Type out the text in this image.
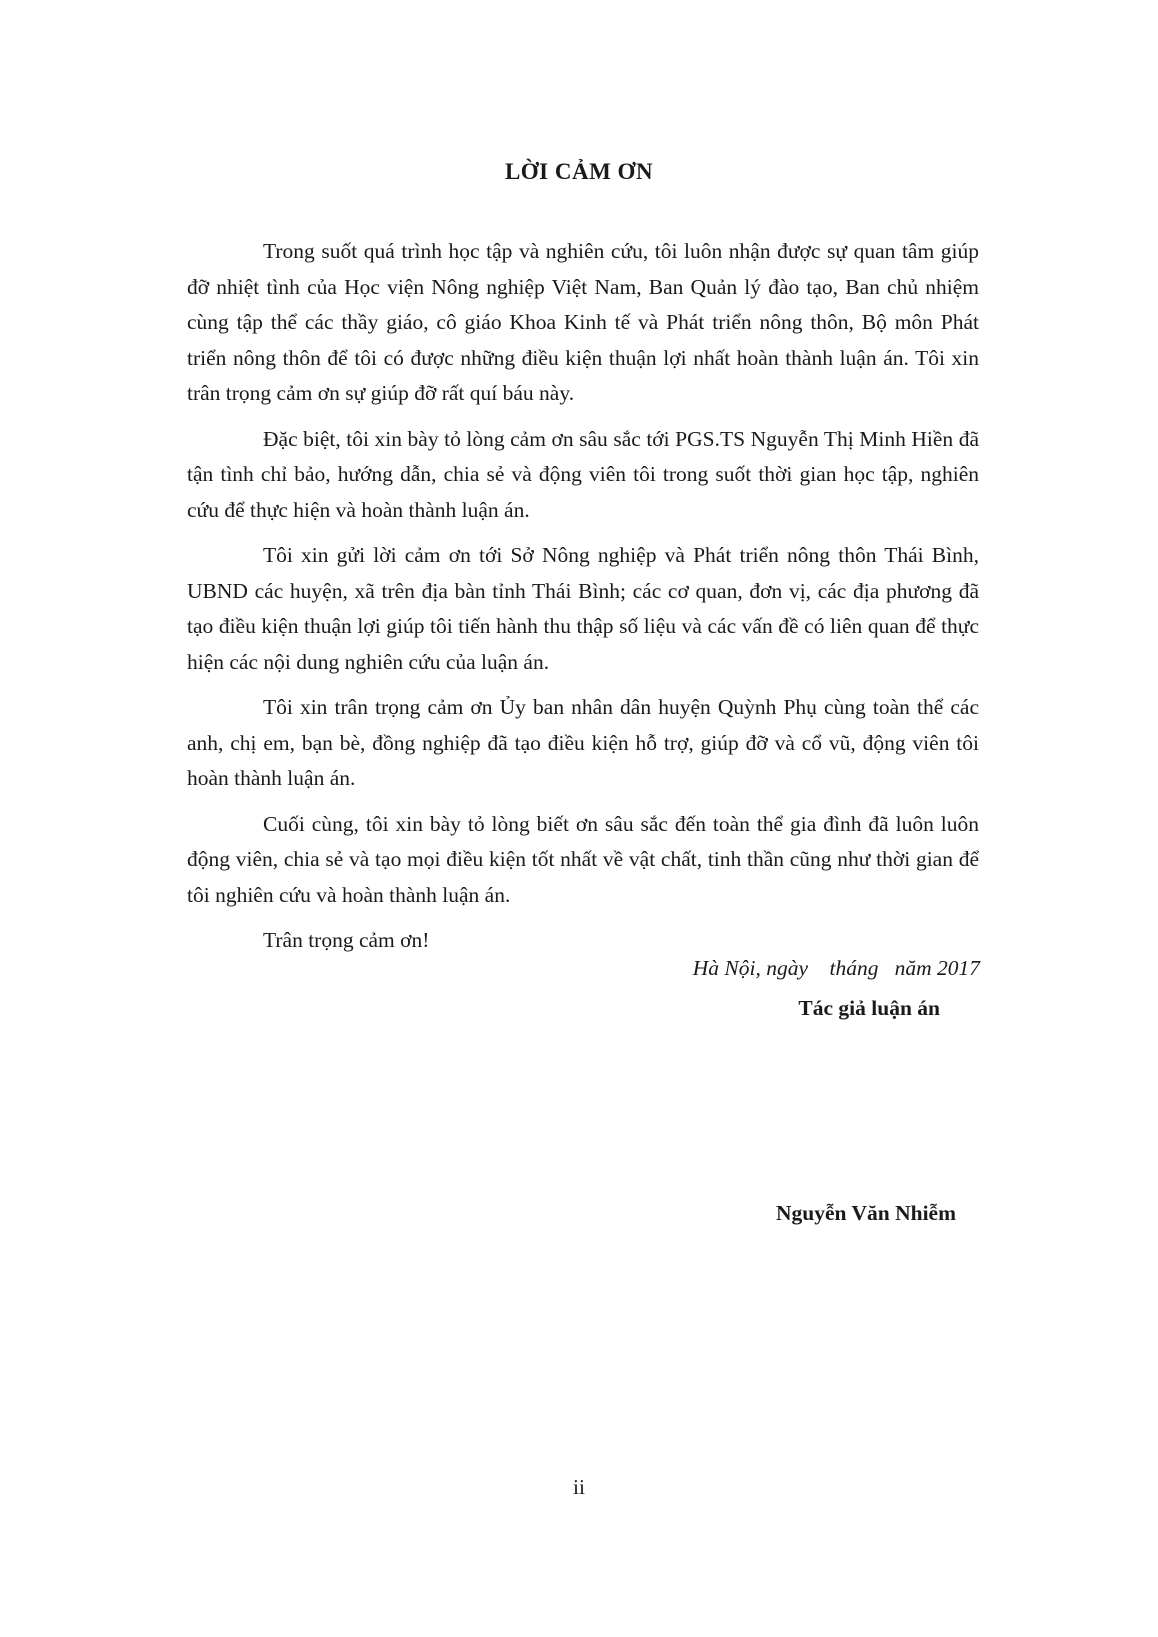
LỜI CẢM ƠN

Trong suốt quá trình học tập và nghiên cứu, tôi luôn nhận được sự quan tâm giúp đỡ nhiệt tình của Học viện Nông nghiệp Việt Nam, Ban Quản lý đào tạo, Ban chủ nhiệm cùng tập thể các thầy giáo, cô giáo Khoa Kinh tế và Phát triển nông thôn, Bộ môn Phát triển nông thôn để tôi có được những điều kiện thuận lợi nhất hoàn thành luận án. Tôi xin trân trọng cảm ơn sự giúp đỡ rất quí báu này.

Đặc biệt, tôi xin bày tỏ lòng cảm ơn sâu sắc tới PGS.TS Nguyễn Thị Minh Hiền đã tận tình chỉ bảo, hướng dẫn, chia sẻ và động viên tôi trong suốt thời gian học tập, nghiên cứu để thực hiện và hoàn thành luận án.

Tôi xin gửi lời cảm ơn tới Sở Nông nghiệp và Phát triển nông thôn Thái Bình, UBND các huyện, xã trên địa bàn tỉnh Thái Bình; các cơ quan, đơn vị, các địa phương đã tạo điều kiện thuận lợi giúp tôi tiến hành thu thập số liệu và các vấn đề có liên quan để thực hiện các nội dung nghiên cứu của luận án.

Tôi xin trân trọng cảm ơn Ủy ban nhân dân huyện Quỳnh Phụ cùng toàn thể các anh, chị em, bạn bè, đồng nghiệp đã tạo điều kiện hỗ trợ, giúp đỡ và cổ vũ, động viên tôi hoàn thành luận án.

Cuối cùng, tôi xin bày tỏ lòng biết ơn sâu sắc đến toàn thể gia đình đã luôn luôn động viên, chia sẻ và tạo mọi điều kiện tốt nhất về vật chất, tinh thần cũng như thời gian để tôi nghiên cứu và hoàn thành luận án.

Trân trọng cảm ơn!

Hà Nội, ngày    tháng   năm 2017
Tác giả luận án
Nguyễn Văn Nhiễm
ii
